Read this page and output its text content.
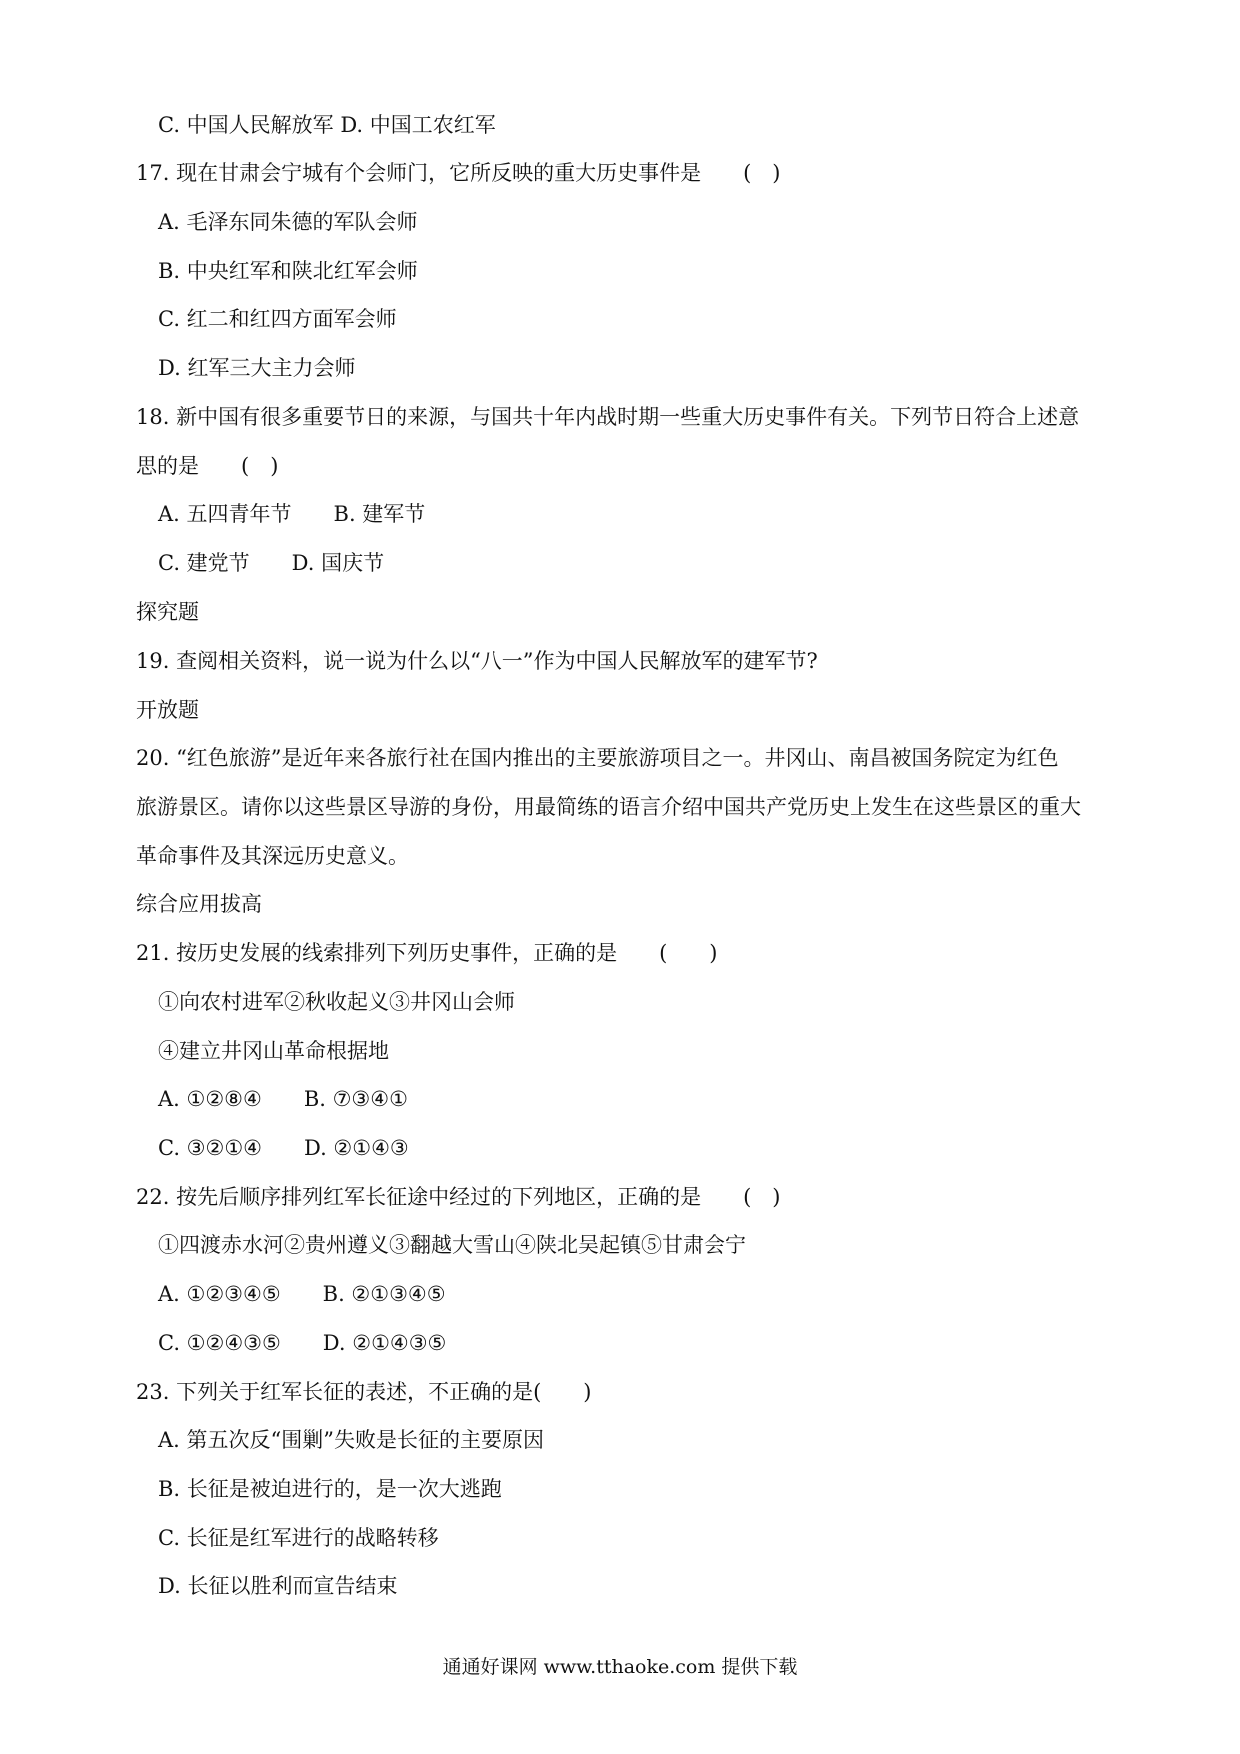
C. 中国人民解放军 D. 中国工农红军
17. 现在甘肃会宁城有个会师门，它所反映的重大历史事件是　　(　)
A. 毛泽东同朱德的军队会师
B. 中央红军和陕北红军会师
C. 红二和红四方面军会师
D. 红军三大主力会师
18. 新中国有很多重要节日的来源，与国共十年内战时期一些重大历史事件有关。下列节日符合上述意
思的是　　(　)
A. 五四青年节　　B. 建军节
C. 建党节　　D. 国庆节
探究题
19. 查阅相关资料，说一说为什么以“八一”作为中国人民解放军的建军节?
开放题
20. “红色旅游”是近年来各旅行社在国内推出的主要旅游项目之一。井冈山、南昌被国务院定为红色
旅游景区。请你以这些景区导游的身份，用最简练的语言介绍中国共产党历史上发生在这些景区的重大
革命事件及其深远历史意义。
综合应用拔高
21. 按历史发展的线索排列下列历史事件，正确的是　　(　　)
①向农村进军②秋收起义③井冈山会师
④建立井冈山革命根据地
A. ①②⑧④　　B. ⑦③④①
C. ③②①④　　D. ②①④③
22. 按先后顺序排列红军长征途中经过的下列地区，正确的是　　(　)
①四渡赤水河②贵州遵义③翻越大雪山④陕北吴起镇⑤甘肃会宁
A. ①②③④⑤　　B. ②①③④⑤
C. ①②④③⑤　　D. ②①④③⑤
23. 下列关于红军长征的表述，不正确的是(　　)
A. 第五次反“围剿”失败是长征的主要原因
B. 长征是被迫进行的，是一次大逃跑
C. 长征是红军进行的战略转移
D. 长征以胜利而宣告结束
通通好课网 www.tthaoke.com 提供下载
